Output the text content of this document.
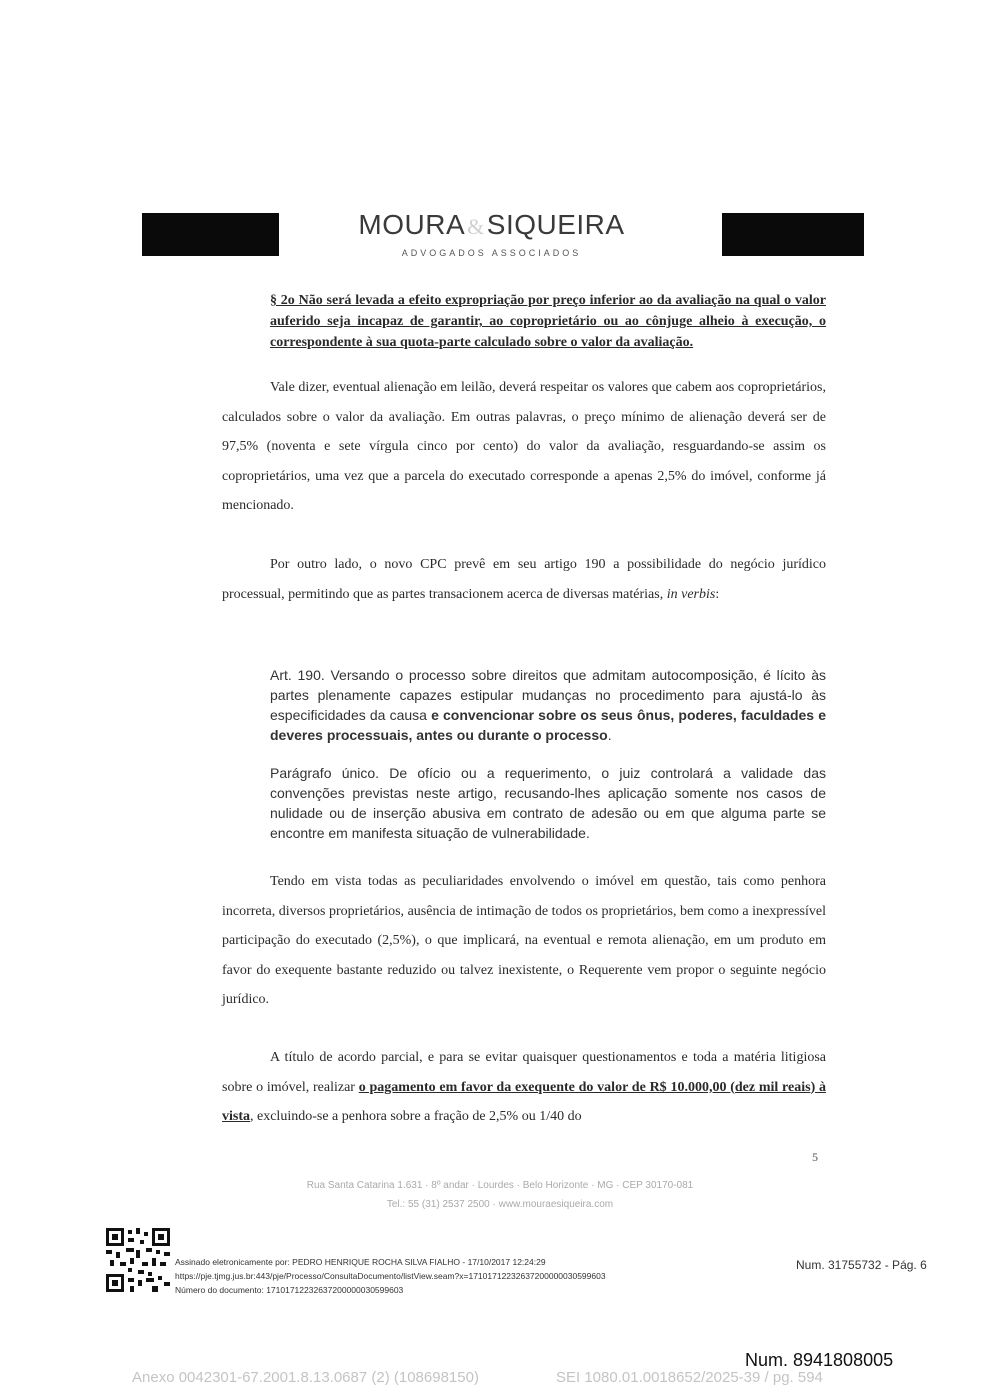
MOURA&SIQUEIRA
ADVOGADOS ASSOCIADOS

§ 2o Não será levada a efeito expropriação por preço inferior ao da avaliação na qual o valor auferido seja incapaz de garantir, ao coproprietário ou ao cônjuge alheio à execução, o correspondente à sua quota-parte calculado sobre o valor da avaliação.

Vale dizer, eventual alienação em leilão, deverá respeitar os valores que cabem aos coproprietários, calculados sobre o valor da avaliação. Em outras palavras, o preço mínimo de alienação deverá ser de 97,5% (noventa e sete vírgula cinco por cento) do valor da avaliação, resguardando-se assim os coproprietários, uma vez que a parcela do executado corresponde a apenas 2,5% do imóvel, conforme já mencionado.

Por outro lado, o novo CPC prevê em seu artigo 190 a possibilidade do negócio jurídico processual, permitindo que as partes transacionem acerca de diversas matérias, in verbis:

Art. 190. Versando o processo sobre direitos que admitam autocomposição, é lícito às partes plenamente capazes estipular mudanças no procedimento para ajustá-lo às especificidades da causa e convencionar sobre os seus ônus, poderes, faculdades e deveres processuais, antes ou durante o processo.

Parágrafo único. De ofício ou a requerimento, o juiz controlará a validade das convenções previstas neste artigo, recusando-lhes aplicação somente nos casos de nulidade ou de inserção abusiva em contrato de adesão ou em que alguma parte se encontre em manifesta situação de vulnerabilidade.

Tendo em vista todas as peculiaridades envolvendo o imóvel em questão, tais como penhora incorreta, diversos proprietários, ausência de intimação de todos os proprietários, bem como a inexpressível participação do executado (2,5%), o que implicará, na eventual e remota alienação, em um produto em favor do exequente bastante reduzido ou talvez inexistente, o Requerente vem propor o seguinte negócio jurídico.

A título de acordo parcial, e para se evitar quaisquer questionamentos e toda a matéria litigiosa sobre o imóvel, realizar o pagamento em favor da exequente do valor de R$ 10.000,00 (dez mil reais) à vista, excluindo-se a penhora sobre a fração de 2,5% ou 1/40 do

5
Rua Santa Catarina 1.631 · 8º andar · Lourdes · Belo Horizonte · MG · CEP 30170-081
Tel.: 55 (31) 2537 2500 · www.mouraesiqueira.com
Assinado eletronicamente por: PEDRO HENRIQUE ROCHA SILVA FIALHO - 17/10/2017 12:24:29
https://pje.tjmg.jus.br:443/pje/Processo/ConsultaDocumento/listView.seam?x=17101712232637200000030599603
Número do documento: 17101712232637200000030599603
Num. 31755732 - Pág. 6
Num. 8941808005
Anexo 0042301-67.2001.8.13.0687 (2) (108698150)	SEI 1080.01.0018652/2025-39 / pg. 594
